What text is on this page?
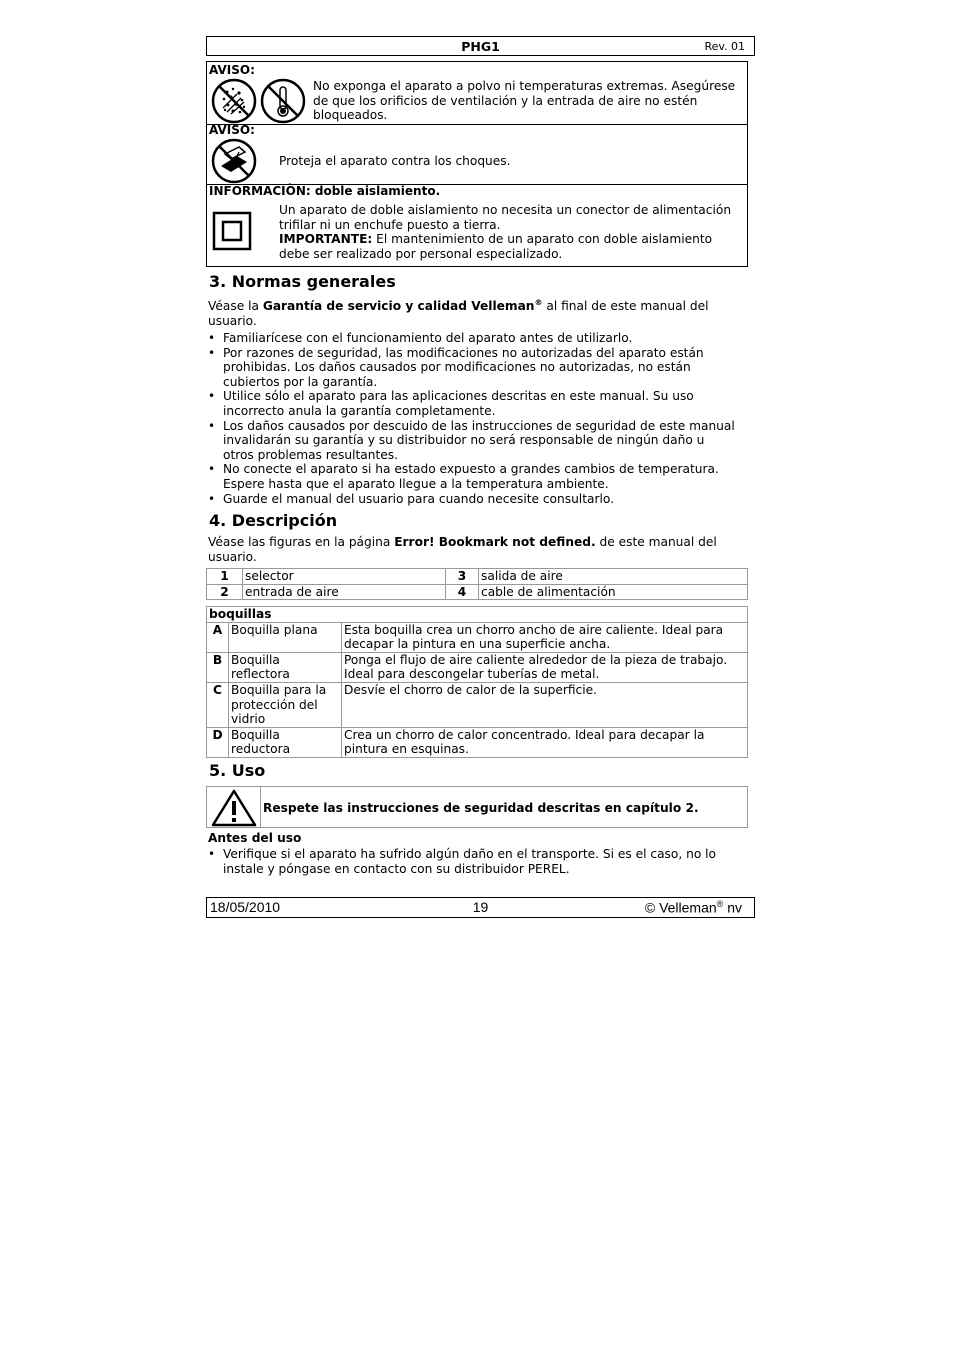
PHG1	Rev. 01
AVISO:
No exponga el aparato a polvo ni temperaturas extremas. Asegúrese de que los orificios de ventilación y la entrada de aire no estén bloqueados.
AVISO:
Proteja el aparato contra los choques.
INFORMACIÒN: doble aislamiento.
Un aparato de doble aislamiento no necesita un conector de alimentación trifilar ni un enchufe puesto a tierra.
IMPORTANTE: El mantenimiento de un aparato con doble aislamiento debe ser realizado por personal especializado.
3. Normas generales
Véase la Garantía de servicio y calidad Velleman® al final de este manual del usuario.
• Familiarícese con el funcionamiento del aparato antes de utilizarlo.
• Por razones de seguridad, las modificaciones no autorizadas del aparato están prohibidas. Los daños causados por modificaciones no autorizadas, no están cubiertos por la garantía.
• Utilice sólo el aparato para las aplicaciones descritas en este manual. Su uso incorrecto anula la garantía completamente.
• Los daños causados por descuido de las instrucciones de seguridad de este manual invalidarán su garantía y su distribuidor no será responsable de ningún daño u otros problemas resultantes.
• No conecte el aparato si ha estado expuesto a grandes cambios de temperatura. Espere hasta que el aparato llegue a la temperatura ambiente.
• Guarde el manual del usuario para cuando necesite consultarlo.
4. Descripción
Véase las figuras en la página Error! Bookmark not defined. de este manual del usuario.
1	selector	3	salida de aire
2	entrada de aire	4	cable de alimentación
boquillas		
A	Boquilla plana	Esta boquilla crea un chorro ancho de aire caliente. Ideal para decapar la pintura en una superficie ancha.
B	Boquilla reflectora	Ponga el flujo de aire caliente alrededor de la pieza de trabajo. Ideal para descongelar tuberías de metal.
C	Boquilla para la protección del vidrio	Desvíe el chorro de calor de la superficie.
D	Boquilla reductora	Crea un chorro de calor concentrado. Ideal para decapar la pintura en esquinas.
5. Uso
Respete las instrucciones de seguridad descritas en capítulo 2.
Antes del uso
• Verifique si el aparato ha sufrido algún daño en el transporte. Si es el caso, no lo instale y póngase en contacto con su distribuidor PEREL.
18/05/2010	19	© Velleman® nv
